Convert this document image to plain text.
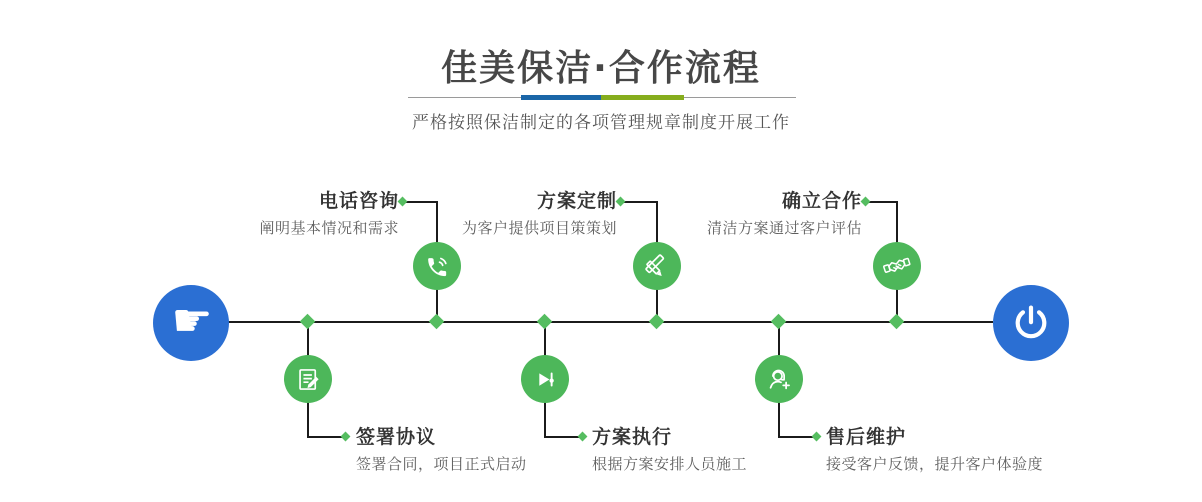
佳美保洁·合作流程

严格按照保洁制定的各项管理规章制度开展工作

☛
电话咨询
阐明基本情况和需求
方案定制
为客户提供项目策策划
确立合作
清洁方案通过客户评估
签署协议
签署合同，项目正式启动
方案执行
根据方案安排人员施工
售后维护
接受客户反馈，提升客户体验度
